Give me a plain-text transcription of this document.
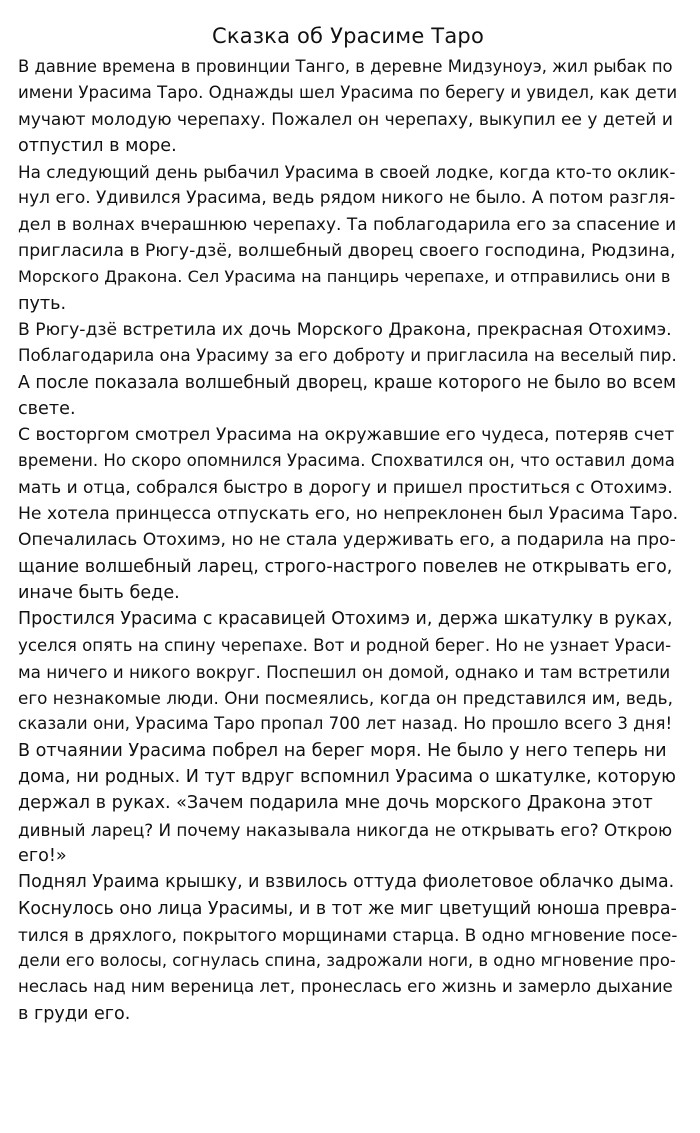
Сказка об Урасиме Таро
В давние времена в провинции Танго, в деревне Мидзуноуэ, жил рыбак по
имени Урасима Таро. Однажды шел Урасима по берегу и увидел, как дети
мучают молодую черепаху. Пожалел он черепаху, выкупил ее у детей и
отпустил в море.
На следующий день рыбачил Урасима в своей лодке, когда кто-то оклик-
нул его. Удивился Урасима, ведь рядом никого не было. А потом разгля-
дел в волнах вчерашнюю черепаху. Та поблагодарила его за спасение и
пригласила в Рюгу-дзё, волшебный дворец своего господина, Рюдзина,
Морского Дракона. Сел Урасима на панцирь черепахе, и отправились они в
путь.
В Рюгу-дзё встретила их дочь Морского Дракона, прекрасная Отохимэ.
Поблагодарила она Урасиму за его доброту и пригласила на веселый пир.
А после показала волшебный дворец, краше которого не было во всем
свете.
С восторгом смотрел Урасима на окружавшие его чудеса, потеряв счет
времени. Но скоро опомнился Урасима. Спохватился он, что оставил дома
мать и отца, собрался быстро в дорогу и пришел проститься с Отохимэ.
Не хотела принцесса отпускать его, но непреклонен был Урасима Таро.
Опечалилась Отохимэ, но не стала удерживать его, а подарила на про-
щание волшебный ларец, строго-настрого повелев не открывать его,
иначе быть беде.
Простился Урасима с красавицей Отохимэ и, держа шкатулку в руках,
уселся опять на спину черепахе. Вот и родной берег. Но не узнает Ураси-
ма ничего и никого вокруг. Поспешил он домой, однако и там встретили
его незнакомые люди. Они посмеялись, когда он представился им, ведь,
сказали они, Урасима Таро пропал 700 лет назад. Но прошло всего 3 дня!
В отчаянии Урасима побрел на берег моря. Не было у него теперь ни
дома, ни родных. И тут вдруг вспомнил Урасима о шкатулке, которую
держал в руках. «Зачем подарила мне дочь морского Дракона этот
дивный ларец? И почему наказывала никогда не открывать его? Открою
его!»
Поднял Ураима крышку, и взвилось оттуда фиолетовое облачко дыма.
Коснулось оно лица Урасимы, и в тот же миг цветущий юноша превра-
тился в дряхлого, покрытого морщинами старца. В одно мгновение посе-
дели его волосы, согнулась спина, задрожали ноги, в одно мгновение про-
неслась над ним вереница лет, пронеслась его жизнь и замерло дыхание
в груди его.
